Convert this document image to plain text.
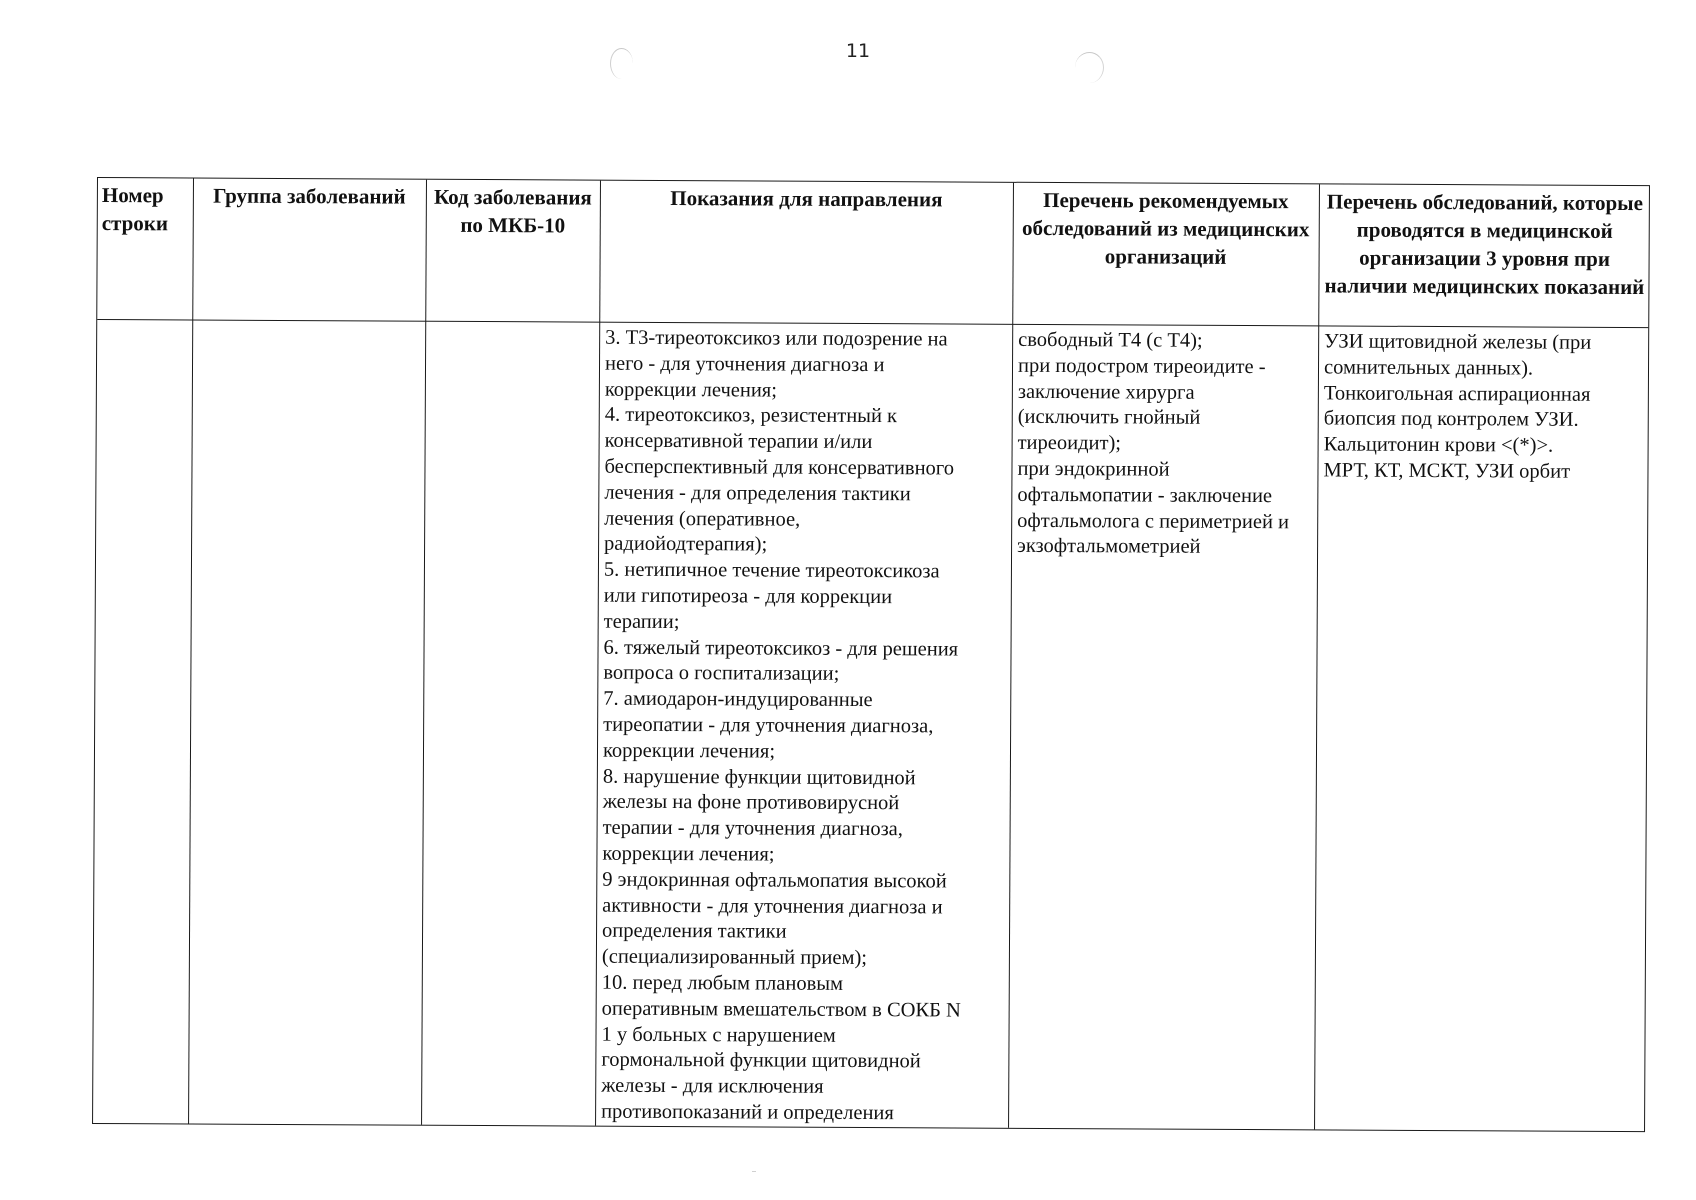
11
Номер строки
Группа заболеваний	Код заболевания по МКБ-10
Показания для направления	Перечень рекомендуемых обследований из медицинских организаций
Перечень обследований, которые проводятся в медицинской организации 3 уровня при наличии медицинских показаний
3. Т3-тиреотоксикоз или подозрение на
него - для уточнения диагноза и
коррекции лечения;
4. тиреотоксикоз, резистентный к
консервативной терапии и/или
бесперспективный для консервативного
лечения - для определения тактики
лечения (оперативное,
радиойодтерапия);
5. нетипичное течение тиреотоксикоза
или гипотиреоза - для коррекции
терапии;
6. тяжелый тиреотоксикоз - для решения
вопроса о госпитализации;
7. амиодарон-индуцированные
тиреопатии - для уточнения диагноза,
коррекции лечения;
8. нарушение функции щитовидной
железы на фоне противовирусной
терапии - для уточнения диагноза,
коррекции лечения;
9 эндокринная офтальмопатия высокой
активности - для уточнения диагноза и
определения тактики
(специализированный прием);
10. перед любым плановым
оперативным вмешательством в СОКБ N
1 у больных с нарушением
гормональной функции щитовидной
железы - для исключения
противопоказаний и определения
свободный Т4 (с Т4);
при подостром тиреоидите -
заключение хирурга
(исключить гнойный
тиреоидит);
при эндокринной
офтальмопатии - заключение
офтальмолога с периметрией и
экзофтальмометрией
УЗИ щитовидной железы (при
сомнительных данных).
Тонкоигольная аспирационная
биопсия под контролем УЗИ.
Кальцитонин крови <(*)>.
МРТ, КТ, МСКТ, УЗИ орбит
